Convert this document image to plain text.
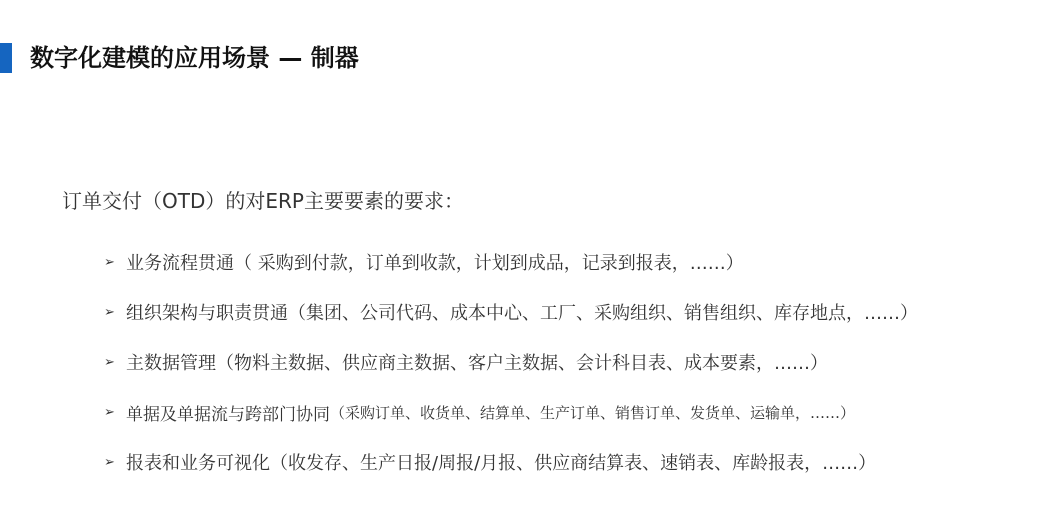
数字化建模的应用场景 — 制器
订单交付（OTD）的对ERP主要要素的要求：
➢ 业务流程贯通 （ 采购到付款，订单到收款，计划到成品，记录到报表，……）
➢ 组织架构与职责贯通 （集团、公司代码、成本中心、工厂、采购组织、销售组织、库存地点，……）
➢ 主数据管理 （物料主数据、供应商主数据、客户主数据、会计科目表、成本要素，……）
➢ 单据及单据流与跨部门协同 （采购订单、收货单、结算单、生产订单、销售订单、发货单、运输单，……）
➢ 报表和业务可视化 （收发存、生产日报/周报/月报、供应商结算表、速销表、库龄报表，……）
